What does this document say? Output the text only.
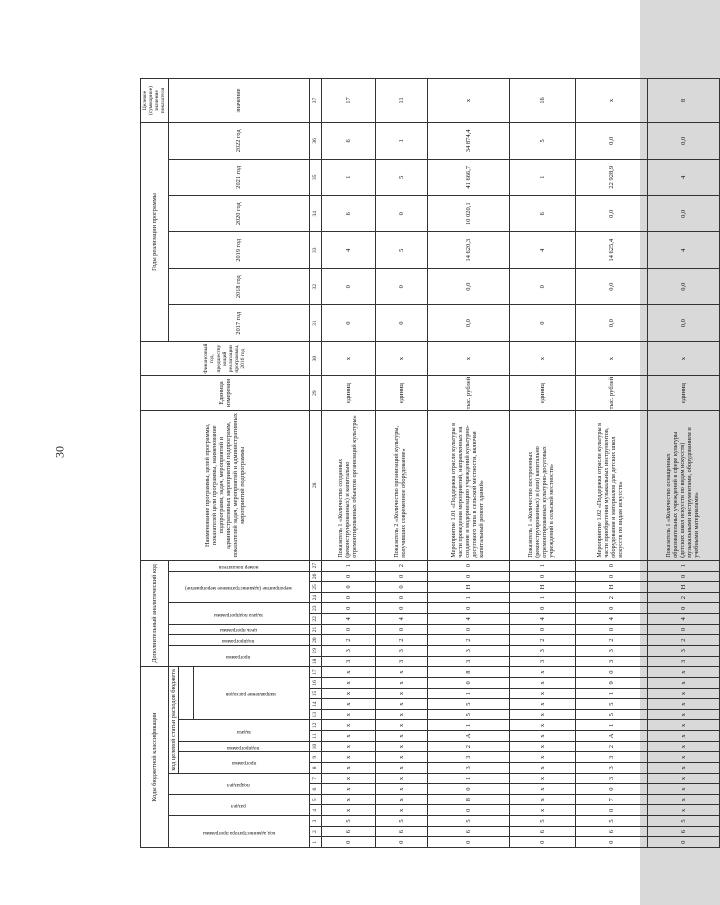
30
Коды бюджетной классификации																	Дополнительный аналитический код										Наименование программы, целей программы, показателей цели программы, наименование подпрограмм, задач, мероприятий и административных мероприятий подпрограмм, показателей задач, мероприятий и административных мероприятий подпрограммы	Единица измерения	Финансовый год, предшествующий реализации программы, 2016 год	Годы реализации программы						Целевое (суммарное) значение показателя

код администратора программы			раздел		подраздел		код целевой статьи расходов бюджета										программа		подпрограмма	цель программы	задача подпрограммы		мероприятие (административное мероприятие)			номер показателя				2017 год	2018 год	2019 год	2020 год	2021 год	2022 год	значение

							программа		подпрограмма	задача																										

												направление расходов																								

1	2	3	4	5	6	7	8	9	10	11	12	13	14	15	16	17	18	19	20	21	22	23	24	25	26	27	28	29	30	31	32	33	34	35	36	37
0	6	5	х	х	х	х	х	х	х	х	х	х	х	х	х	х	3	3	2	0	4	0	0	0	0	1	Показатель 1 «Количество созданных (реконструированных) и капитально отремонтированных объектов организаций культуры»	единиц	х	0	0	4	6	1	6	17
0	6	5	х	х	х	х	х	х	х	х	х	х	х	х	х	х	3	3	2	0	4	0	0	0	0	2	Показатель 2 «Количество организаций культуры, получивших современное оборудование»	единиц	х	0	0	5	0	5	1	11
0	6	5	0	8	0	1	3	3	2	А	1	5	5	1	0	8	3	3	2	0	4	0	1	Н	0	0	Мероприятие 1.01 «Поддержка отрасли культуры в части проведения мероприятий, направленных на создание и модернизацию учреждений культурно-досугового типа в сельской местности, включая капитальный ремонт зданий»	тыс. рублей	х	0,0	0,0	14 620,3	10 020,1	41 666,7	34 874,4	х
0	6	5	х	х	х	х	х	х	х	х	х	х	х	х	х	х	3	3	2	0	4	0	1	Н	0	1	Показатель 1 «Количество построенных (реконструированных) и (или) капитально отремонтированных культурно-досуговых учреждений в сельской местности»	единиц	х	0	0	4	6	1	5	16
0	6	5	0	7	0	3	3	3	2	А	1	5	5	1	9	0	3	3	2	0	4	0	2	Н	0	0	Мероприятие 1.02 «Поддержка отрасли культуры в части приобретения музыкальных инструментов, оборудования и материалов для детских школ искусств по видам искусств»	тыс. рублей	х	0,0	0,0	14 625,4	0,0	22 928,9	0,0	х
0	6	5	х	х	х	х	х	х	х	х	х	х	х	х	х	х	3	3	2	0	4	0	2	Н	0	1	Показатель 1 «Количество оснащенных образовательных учреждений в сфере культуры (детских школ искусств по видам искусств) музыкальными инструментами, оборудованием и учебными материалами»	единиц	х	0,0	0,0	4	0,0	4	0,0	8
